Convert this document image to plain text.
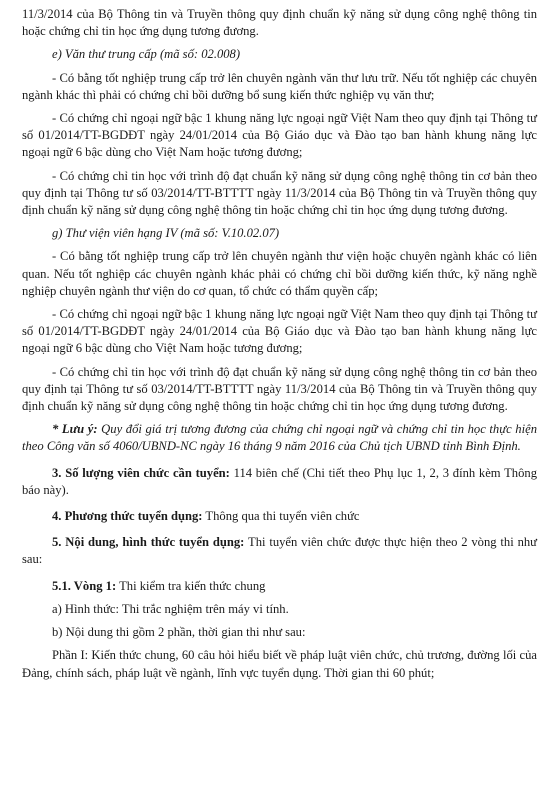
11/3/2014 của Bộ Thông tin và Truyền thông quy định chuẩn kỹ năng sử dụng công nghệ thông tin hoặc chứng chỉ tin học ứng dụng tương đương.

e) Văn thư trung cấp (mã số: 02.008)

- Có bằng tốt nghiệp trung cấp trở lên chuyên ngành văn thư lưu trữ. Nếu tốt nghiệp các chuyên ngành khác thì phải có chứng chỉ bồi dưỡng bổ sung kiến thức nghiệp vụ văn thư;

- Có chứng chỉ ngoại ngữ bậc 1 khung năng lực ngoại ngữ Việt Nam theo quy định tại Thông tư số 01/2014/TT-BGDĐT ngày 24/01/2014 của Bộ Giáo dục và Đào tạo ban hành khung năng lực ngoại ngữ 6 bậc dùng cho Việt Nam hoặc tương đương;

- Có chứng chỉ tin học với trình độ đạt chuẩn kỹ năng sử dụng công nghệ thông tin cơ bản theo quy định tại Thông tư số 03/2014/TT-BTTTT ngày 11/3/2014 của Bộ Thông tin và Truyền thông quy định chuẩn kỹ năng sử dụng công nghệ thông tin hoặc chứng chỉ tin học ứng dụng tương đương.

g) Thư viện viên hạng IV (mã số: V.10.02.07)

- Có bằng tốt nghiệp trung cấp trở lên chuyên ngành thư viện hoặc chuyên ngành khác có liên quan. Nếu tốt nghiệp các chuyên ngành khác phải có chứng chỉ bồi dưỡng kiến thức, kỹ năng nghề nghiệp chuyên ngành thư viện do cơ quan, tổ chức có thẩm quyền cấp;

- Có chứng chỉ ngoại ngữ bậc 1 khung năng lực ngoại ngữ Việt Nam theo quy định tại Thông tư số 01/2014/TT-BGDĐT ngày 24/01/2014 của Bộ Giáo dục và Đào tạo ban hành khung năng lực ngoại ngữ 6 bậc dùng cho Việt Nam hoặc tương đương;

- Có chứng chỉ tin học với trình độ đạt chuẩn kỹ năng sử dụng công nghệ thông tin cơ bản theo quy định tại Thông tư số 03/2014/TT-BTTTT ngày 11/3/2014 của Bộ Thông tin và Truyền thông quy định chuẩn kỹ năng sử dụng công nghệ thông tin hoặc chứng chỉ tin học ứng dụng tương đương.

* Lưu ý: Quy đổi giá trị tương đương của chứng chỉ ngoại ngữ và chứng chỉ tin học thực hiện theo Công văn số 4060/UBND-NC ngày 16 tháng 9 năm 2016 của Chủ tịch UBND tỉnh Bình Định.

3. Số lượng viên chức cần tuyển: 114 biên chế (Chi tiết theo Phụ lục 1, 2, 3 đính kèm Thông báo này).

4. Phương thức tuyển dụng: Thông qua thi tuyển viên chức

5. Nội dung, hình thức tuyển dụng: Thi tuyển viên chức được thực hiện theo 2 vòng thi như sau:

5.1. Vòng 1: Thi kiểm tra kiến thức chung

a) Hình thức: Thi trắc nghiệm trên máy vi tính.

b) Nội dung thi gồm 2 phần, thời gian thi như sau:

Phần I: Kiến thức chung, 60 câu hỏi hiểu biết về pháp luật viên chức, chủ trương, đường lối của Đảng, chính sách, pháp luật về ngành, lĩnh vực tuyển dụng. Thời gian thi 60 phút;
